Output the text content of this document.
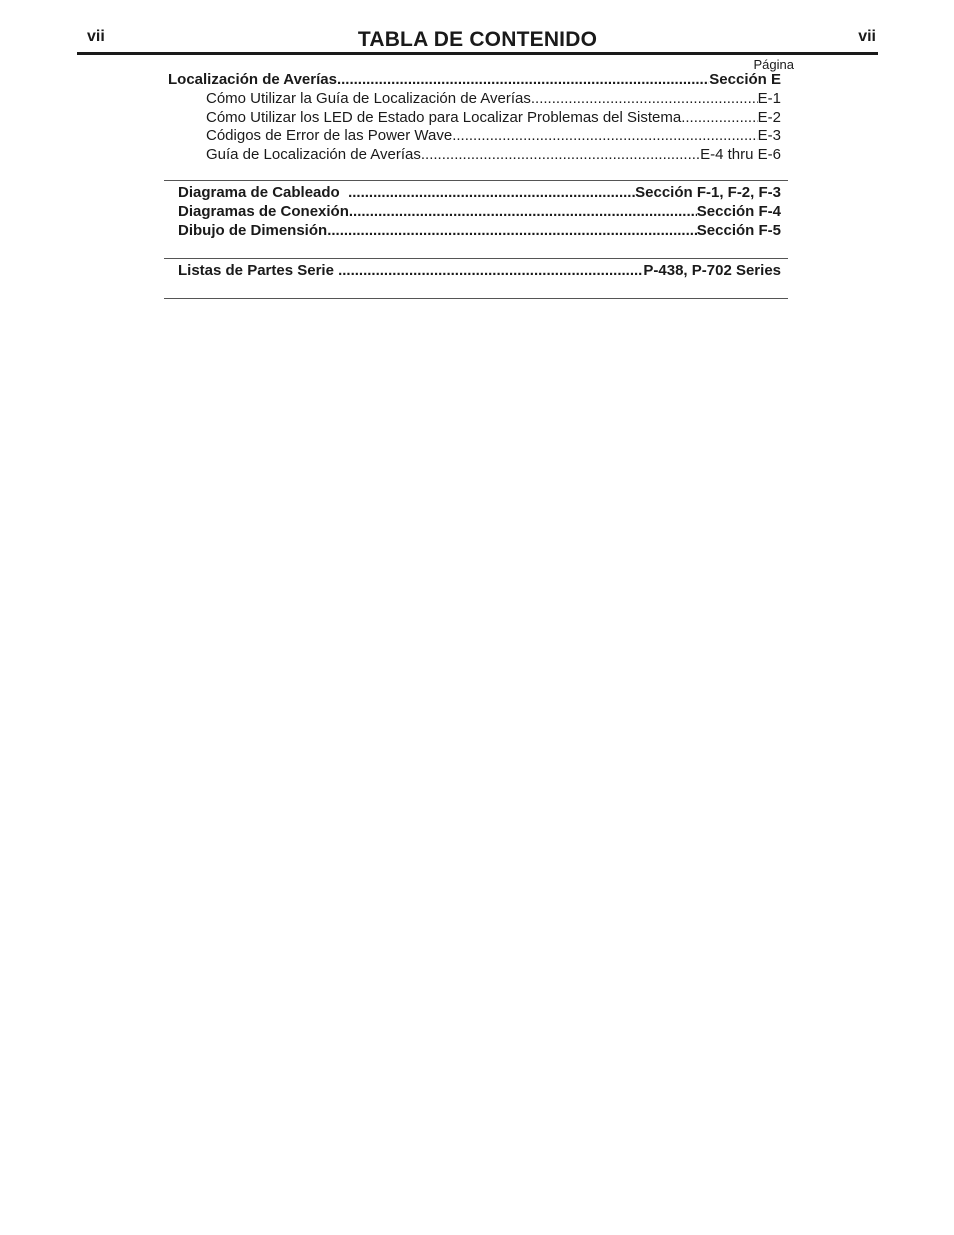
vii	TABLA DE CONTENIDO	vii
Página
Localización de Averías .....	Sección E
Cómo Utilizar la Guía de Localización de Averías .....	E-1
Cómo Utilizar los LED de Estado para Localizar Problemas del Sistema .....	E-2
Códigos de Error de las Power Wave .....	E-3
Guía de Localización de Averías .....	E-4 thru E-6
Diagrama de Cableado .....	Sección F-1, F-2, F-3
Diagramas de Conexión .....	Sección F-4
Dibujo de Dimensión .....	Sección F-5
Listas de Partes Serie .....	P-438, P-702 Series
